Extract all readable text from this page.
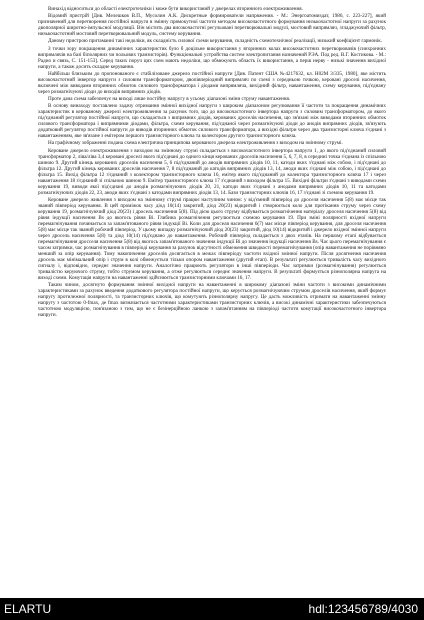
Винахід відноситься до області електротехніки і може бути використаний у джерелах вторинного електроживлення.

Відомий пристрій [Див. Мелешков В.П., Мусолин А.К. Дискретные формирователи напряжения. - М.: Энергоатомиздат, 1986, с. 223-227], який призначений для перетворення постійної напруги в змінну прямокутної частоти методом високочастотного формування низькочастотної напруги за рахунок двополярної широтно-імпульсної модуляції. Він містить два високочастотні регульовані перетворювальні модулі, мостовий випрямляч, згладжуючий фільтр, низькочастотний мостовий перетворювальний модуль, систему керування.

Даному пристрою притаманні такі недоліки, як складність силової схеми керування, складність схемотехнічної реалізації, низький коефіцієнт гармонік.

З точки зору покращення динамічних характеристик було б доцільне використання у вторинних колах високочастотних перетворювачів (синхронних випрямлячів на базі біполярних чи польових транзисторів). Функціональні устройства систем электропитания назначений РЭА. Под ред. В.Г. Костикова. - М.: Радио и связь, С. 151-153]. Серед таких поруч цих схем мають недоліки, що обмежують область їх використання, а перш нерву - низькі значення вихідної напруги, а також досить складне керування.

Найбільш близьким до пропонованого є стабілізоване джерело постійної напруги [Див. Патент США №4217632, кл. Н02М 3/335, 1980], яке містить високочастотний інвертор напруги з силовим трансформатором, двопівперіодний випрямляч по схемі з середньою точкою, керовані дроселі насичення, включені між виводами вторинних обмоток силового трансформатора і діодами випрямляча, вихідний фільтр, навантаження, схему керування, під'єднану через розмагнічуючі діоди до виходів випрямних діодів.

Проте дана схема забезпечує на виході лише постійну напругу в усьому діапазоні зміни струму навантаження.

В основу винаходу поставлено задачу отримання змінної вихідної напруги з широким діапазоном регулювання її частоти та покращення динамічних характеристик в керованому джерелі електроживлення за рахунок того, що до високочастотного інвертора напруги з силовим трансформатором, до якого під'єднаний регулятор постійної напруги, що складається з випрямних діодів, керованих дроселів насичення, що зв'язані між виводами вторинних обмоток силового трансформатора і випрямними діодами, фільтра, схеми керування, під'єднаної через розмагнічуючі діоди до анодів випрямних діодів, зв'язують додатковий регулятор постійної напруги до виводів вторинних обмоток силового трансформатора, а вихідні фільтри через два транзисторні ключа з'єднані з навантаженням, яке зв'язане з емітером першого транзисторного ключа та колектором другого транзисторного ключа.

На графічному зображенні подана схема електрична принципова керованого джерела електроживлення з виходом на змінному струмі.

Кероване джерело електроживлення з виходом на змінному струмі складається з високочастотного інвертора напруги 1, до якого під'єднаний силовий трансформатор 2, ліва/ліва 3,4 керовані дроселі якого під'єднані до одного кінця керованих дроселів насичення 5, 6, 7, 8, в середині точка з'єднана із спільною шиною 9. Другий кінець керованих дроселів насичення 5, 6 під'єднаний до анодів випрямних діодів 10, 11, катоди яких з'єднані між собою, і під'єднані до фільтра 12. Другий кінець керованих дроселів насичення 7, 8 під'єднаний до катодів випрямних діодів 13, 14, аноди яких з'єднані між собою, і під'єднані до фільтра 15. Вихід фільтра 12 з'єднаний з колектором транзисторного ключа 16, емітер якого під'єднаний до колектора транзисторного ключа 17 і через навантаження 18 з'єднаний зі спільною шиною 9. Емітер транзисторного ключа 17 з'єднаний з виходом фільтра 15. Вихідні фільтри з'єднані з виводами схеми керування 19, виводи якої під'єднані до анодів розмагнічуючих діодів 20, 21, катоди яких з'єднані з анодами випрямних діодів 10, 11 та катодами розмагнічуючих діодів 22, 23, аноди яких з'єднані з катодами випрямних діодів 13, 14. Бази транзисторних ключів 16, 17 з'єднані зі схемою керування 19.

Кероване джерело живлення з виходом на змінному струмі працює наступним чином: у від'ємний півперіод до дроселя насичення 5(8) має місце так званий півперіод керування. В цей проміжок часу діод 10(14) закритий, діод 20(23) відкритий і створюється коло для протікання струму через схему керування 19, розмагнічуючий діод 20(23) і дросель насичення 5(8). Під дією цього струму відбувається розмагнічення матеріалу дроселя насичення 5(8) від рівня індукції насичення Bs до якогось рівня Bi. Глибина розмагнічення регулюється схемою керування 19. При зміні полярності вхідної напруги перемагнічування починається за запам'ятованого рівня індукції Bi. Коли для дроселя насичення 6(7) має місце півперіод керування, для дроселя насичення 5(8) має місце так званий робочий півперіод. У цьому випадку розмагнічуючий діод 20(23) закритий, діод 10(14) відкритий і джерело вхідної змінної напруги через дросель насичення 5(8) та діод 10(14) під'єднано до навантаження. Робочий півперіод складається з двох етапів. На першому етапі відбувається перемагнічування дросселя насичення 5(8) від якогось запам'ятованого значення індукції Bi до значення індукції насичення Bs. Час цього перемагнічування є часом затримки, час розмагнічування в півперіоді керування за рахунок відсутності обмеження швидкості перемагнічування (опір навантаження не порівняно менший за опір керування). Тому накопичення дроселів досягається в межах півперіоду частоти вхідної змінної напруги. Після досягнення насичення дросель має мінімальний опір і струм в колі обмежується тільки опором навантаження (другий етап). В результаті регулюється тривалість часу вихідного сигналу і, відповідно, середнє значення напруги. Аналогічно працюють регулятори в інші півперіоди. Час затримки (розмагнічування) регулюється тривалістю керуючого струму, тобто струмом керування, а отже регулюється середнє значення напруги. В результаті формується різнополярна напруга на виході схеми. Комутація напруги на навантаженні здійснюється транзисторними ключами 16, 17.

Таким чином, досягнуто формування змінної вихідної напруги на навантаженні в широкому діапазоні зміни частоти з високими динамічними характеристиками за рахунок введення додаткового регулятора постійної напруги, що керується розмагнічуючим струмом дроселів насичення, який формує напругу протилежної полярності, та транзисторних ключів, що комутують різнополярну напругу. Це дасть можливість отримати на навантаженні змінну напругу з частотою 0-fmax, де fmax визначається частотними характеристиками транзисторних ключів, а високі динамічні характеристики забезпечуються частотною модуляцією, пов'язаною з тим, що не є безінерційною ланкою з запам'ятанням на півперіоді частоти комутації високочастотного інвертора напруги.

ELARTU	hdl:123456789/4030
